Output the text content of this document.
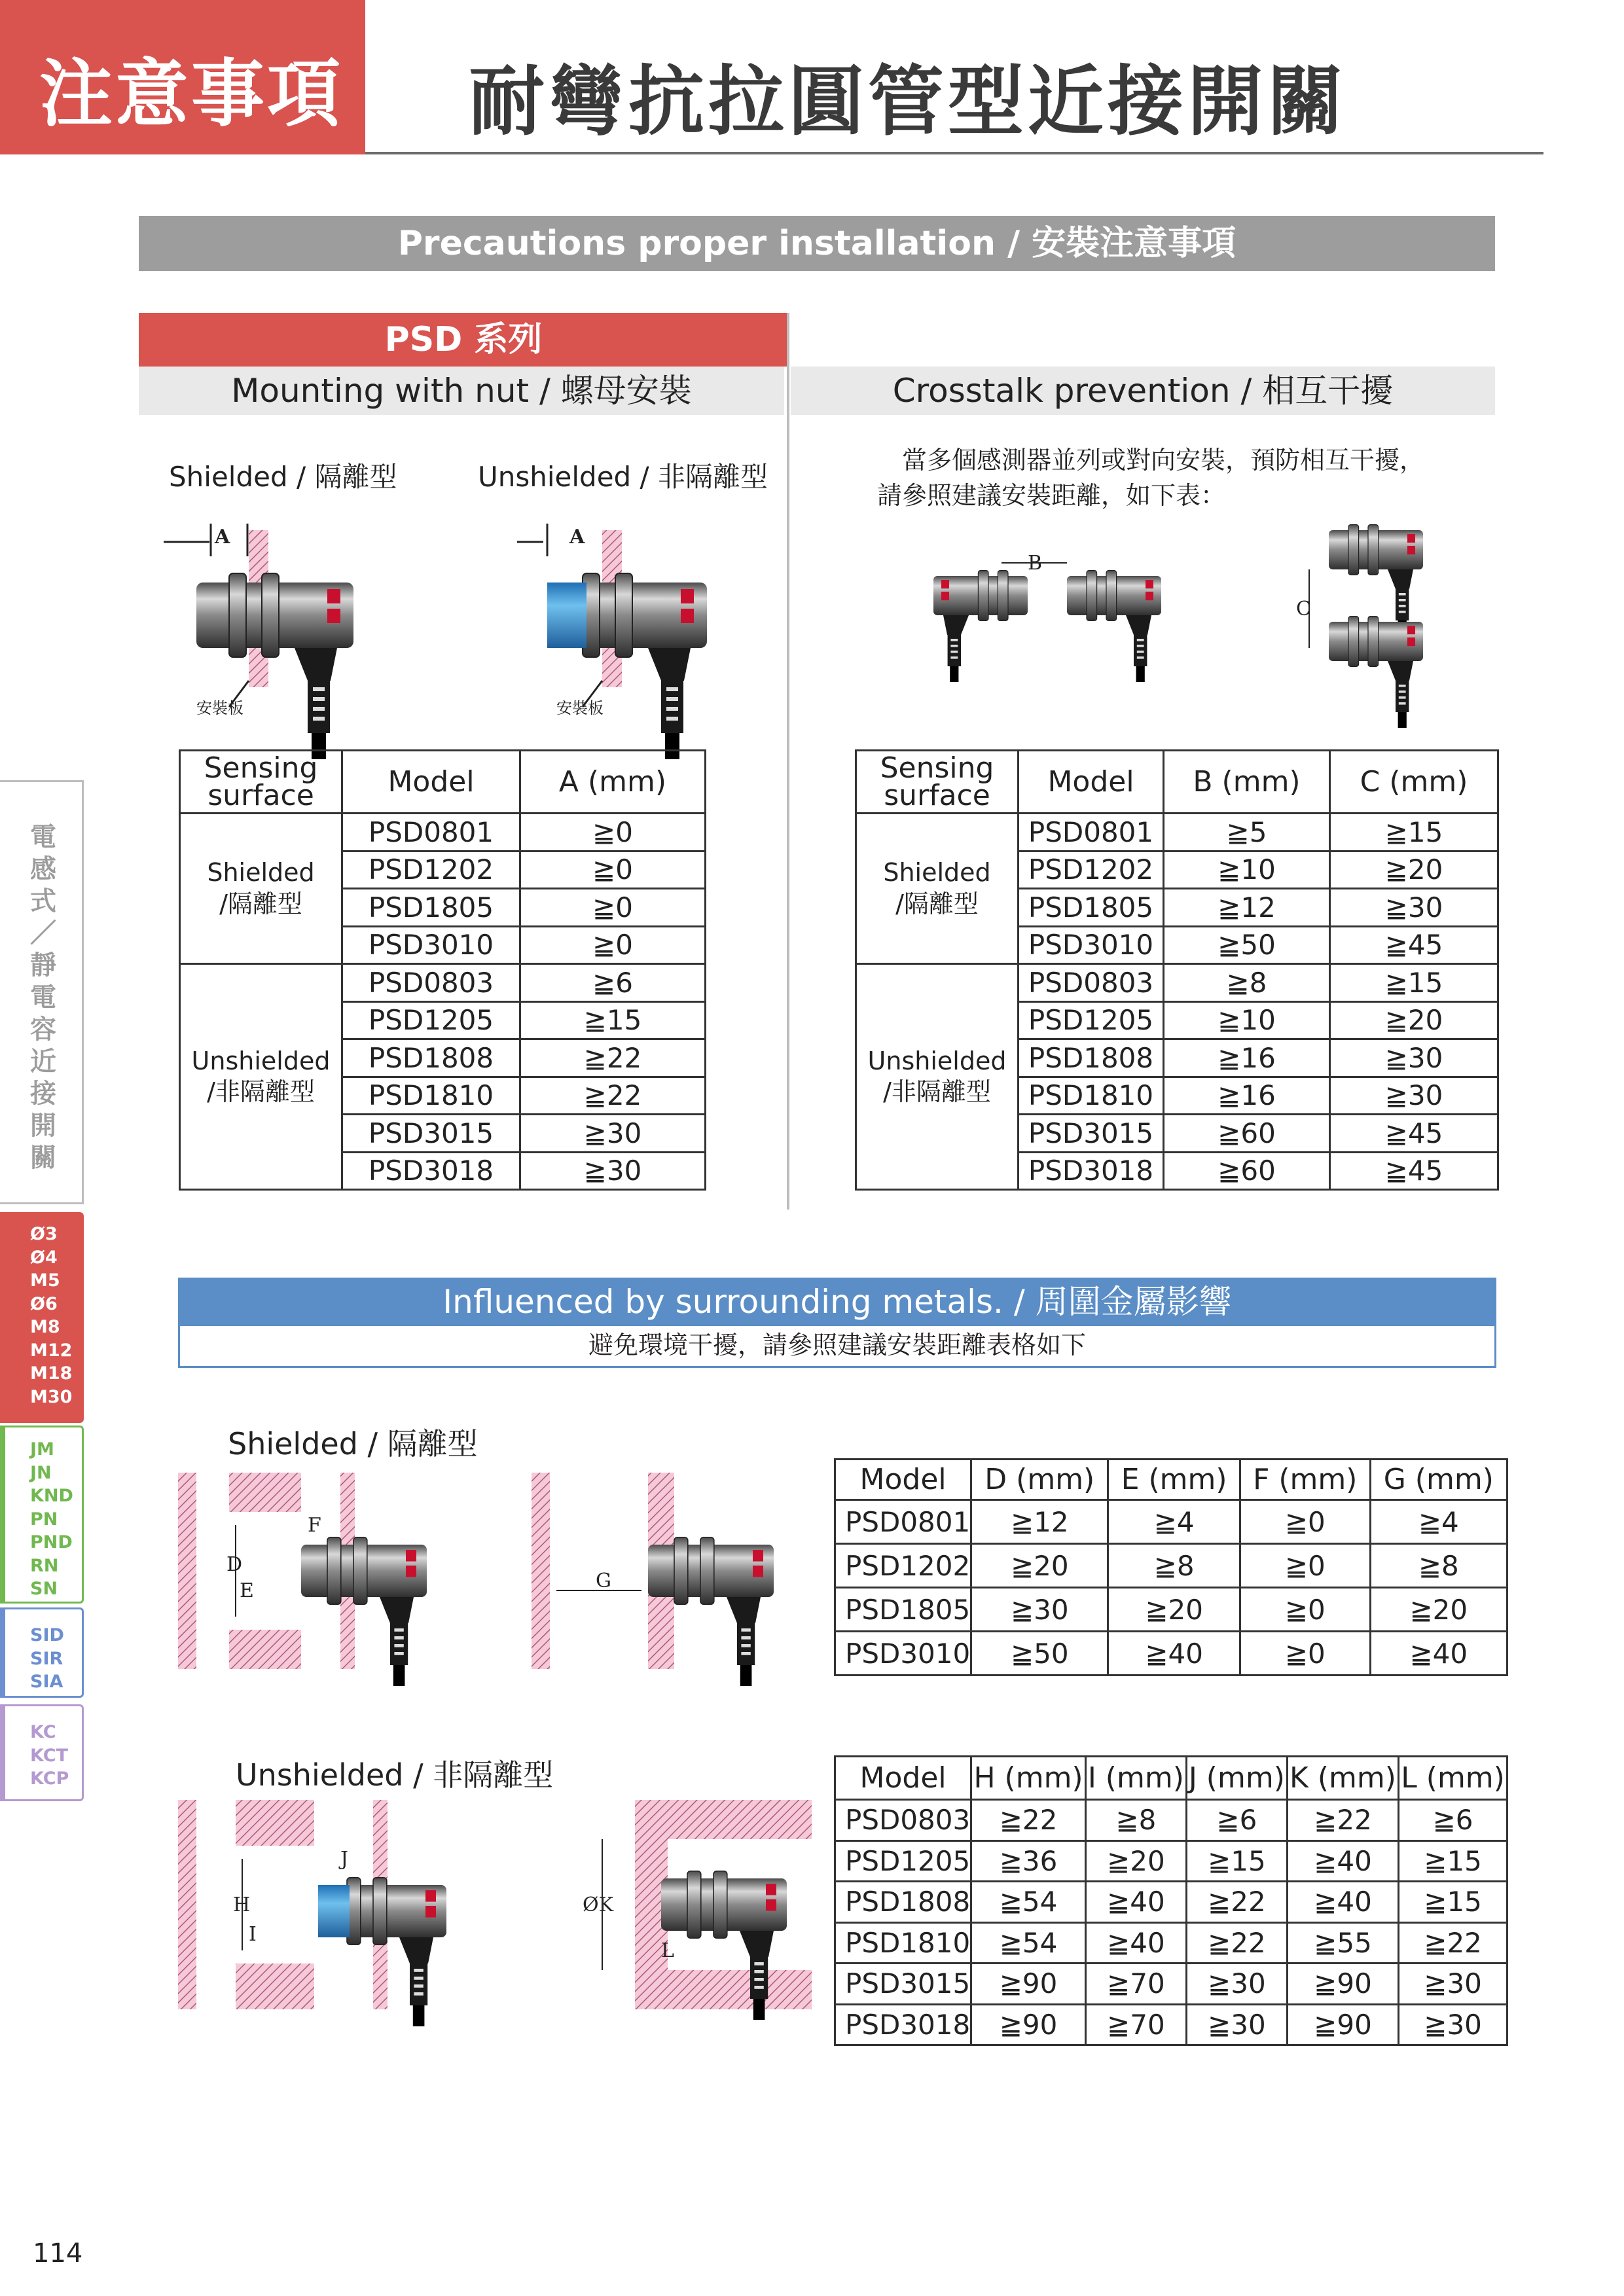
注意事項 耐彎抗拉圓管型近接開關
Precautions proper installation / 安裝注意事項
PSD 系列
Mounting with nut / 螺母安裝	Crosstalk prevention / 相互干擾
Shielded / 隔離型	Unshielded / 非隔離型
當多個感測器並列或對向安裝，預防相互干擾，
請參照建議安裝距離，如下表：
A
安裝板
A
安裝板
B
C
Sensing surface	Model	A (mm)
Shielded
/隔離型	PSD0801	≧0
	PSD1202	≧0
	PSD1805	≧0
	PSD3010	≧0
Unshielded
/非隔離型	PSD0803	≧6
	PSD1205	≧15
	PSD1808	≧22
	PSD1810	≧22
	PSD3015	≧30
	PSD3018	≧30
Sensing surface	Model	B (mm)	C (mm)
Shielded
/隔離型	PSD0801	≧5	≧15
	PSD1202	≧10	≧20
	PSD1805	≧12	≧30
	PSD3010	≧50	≧45
Unshielded
/非隔離型	PSD0803	≧8	≧15
	PSD1205	≧10	≧20
	PSD1808	≧16	≧30
	PSD1810	≧16	≧30
	PSD3015	≧60	≧45
	PSD3018	≧60	≧45
Influenced by surrounding metals. / 周圍金屬影響
避免環境干擾，請參照建議安裝距離表格如下
Shielded / 隔離型
Unshielded / 非隔離型
D
E
F
G
H
I
J
ØK
L
Model	D (mm)	E (mm)	F (mm)	G (mm)
PSD0801	≧12	≧4	≧0	≧4
PSD1202	≧20	≧8	≧0	≧8
PSD1805	≧30	≧20	≧0	≧20
PSD3010	≧50	≧40	≧0	≧40
Model	H (mm)	I (mm)	J (mm)	K (mm)	L (mm)
PSD0803	≧22	≧8	≧6	≧22	≧6
PSD1205	≧36	≧20	≧15	≧40	≧15
PSD1808	≧54	≧40	≧22	≧40	≧15
PSD1810	≧54	≧40	≧22	≧55	≧22
PSD3015	≧90	≧70	≧30	≧90	≧30
PSD3018	≧90	≧70	≧30	≧90	≧30
電感式／靜電容近接開關
Ø3
Ø4
M5
Ø6
M8
M12
M18
M30
JM
JN
KND
PN
PND
RN
SN
SID
SIR
SIA
KC
KCT
KCP
114
